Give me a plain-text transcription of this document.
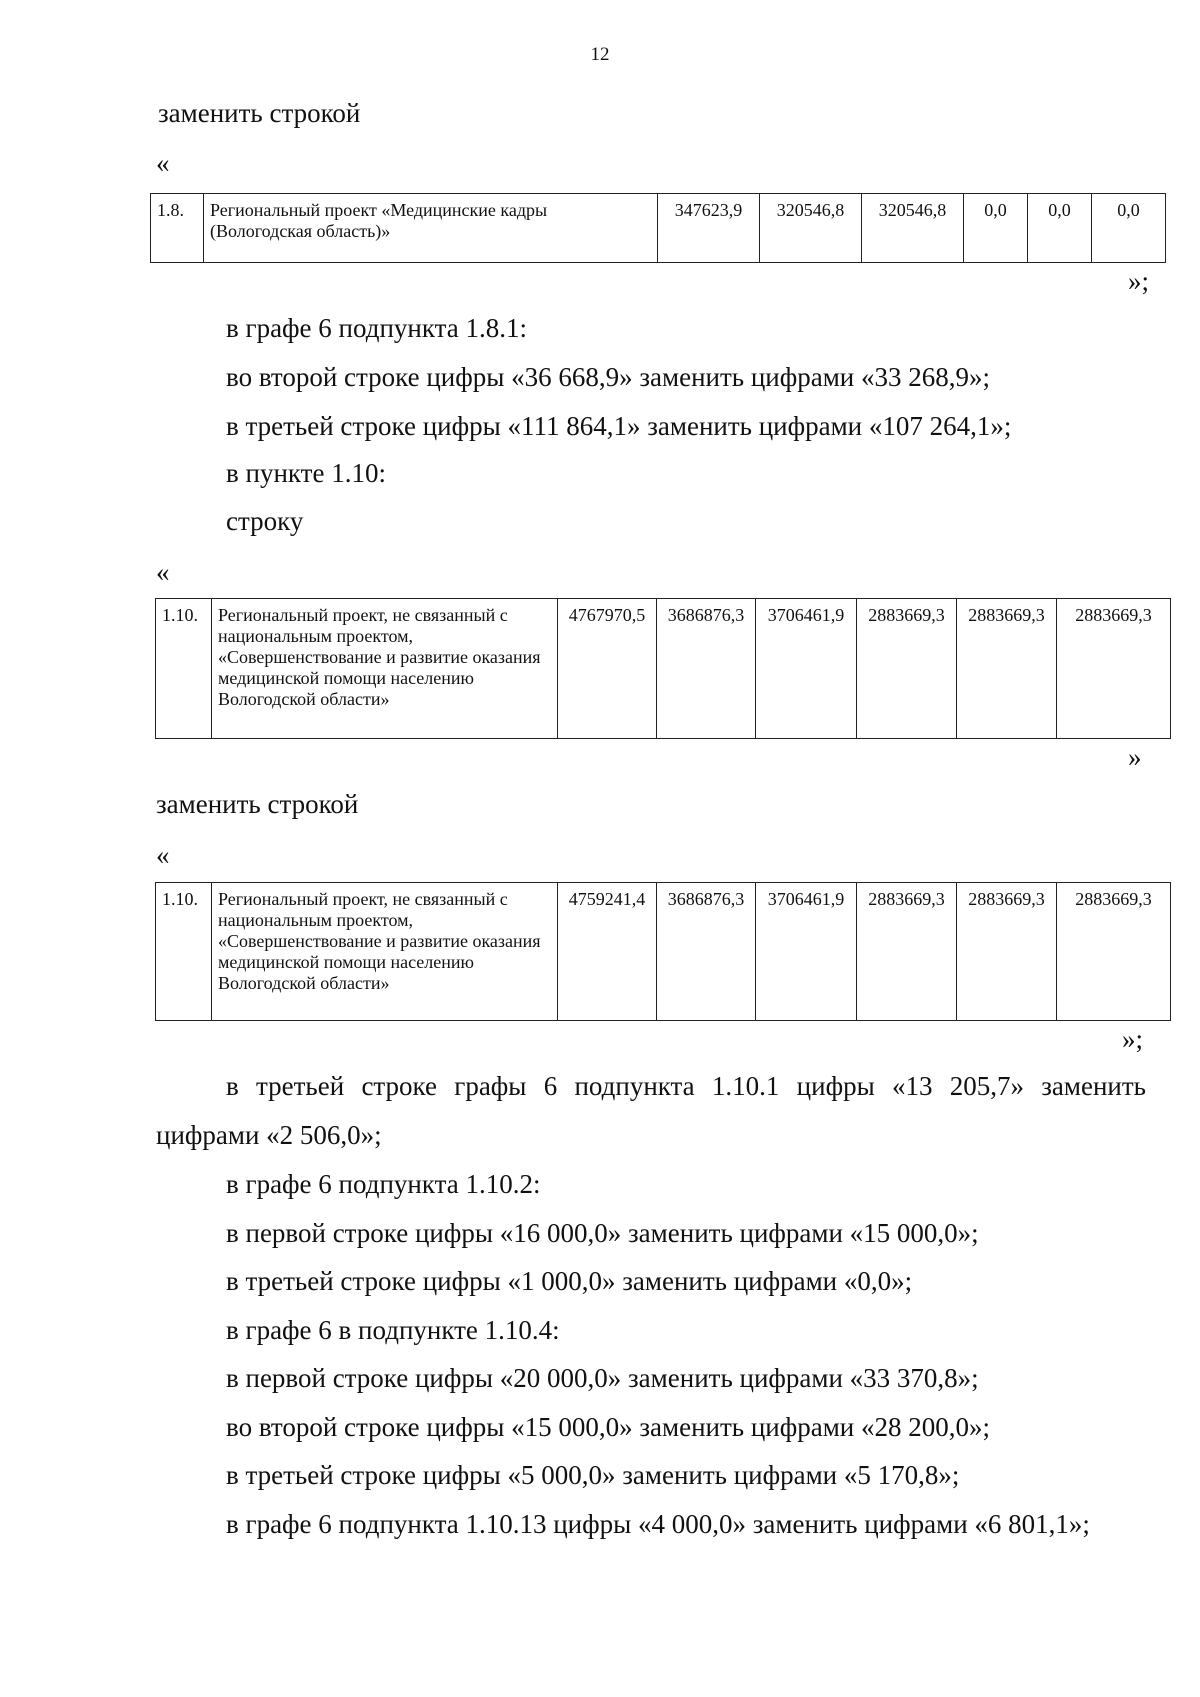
12
заменить строкой
«
1.8.	Региональный проект «Медицинские кадры (Вологодская область)»	347623,9	320546,8	320546,8	0,0	0,0	0,0
»;
в графе 6 подпункта 1.8.1:
во второй строке цифры «36 668,9» заменить цифрами «33 268,9»;
в третьей строке цифры «111 864,1» заменить цифрами «107 264,1»;
в пункте 1.10:
строку
«
1.10.	Региональный проект, не связанный с национальным проектом, «Совершенствование и развитие оказания медицинской помощи населению Вологодской области»	4767970,5	3686876,3	3706461,9	2883669,3	2883669,3	2883669,3
»
заменить строкой
«
1.10.	Региональный проект, не связанный с национальным проектом, «Совершенствование и развитие оказания медицинской помощи населению Вологодской области»	4759241,4	3686876,3	3706461,9	2883669,3	2883669,3	2883669,3
»;
в третьей строке графы 6 подпункта 1.10.1 цифры «13 205,7» заменить
цифрами «2 506,0»;
в графе 6 подпункта 1.10.2:
в первой строке цифры «16 000,0» заменить цифрами «15 000,0»;
в третьей строке цифры «1 000,0» заменить цифрами «0,0»;
в графе 6 в подпункте 1.10.4:
в первой строке цифры «20 000,0» заменить цифрами «33 370,8»;
во второй строке цифры «15 000,0» заменить цифрами «28 200,0»;
в третьей строке цифры «5 000,0» заменить цифрами «5 170,8»;
в графе 6 подпункта 1.10.13 цифры «4 000,0» заменить цифрами «6 801,1»;
